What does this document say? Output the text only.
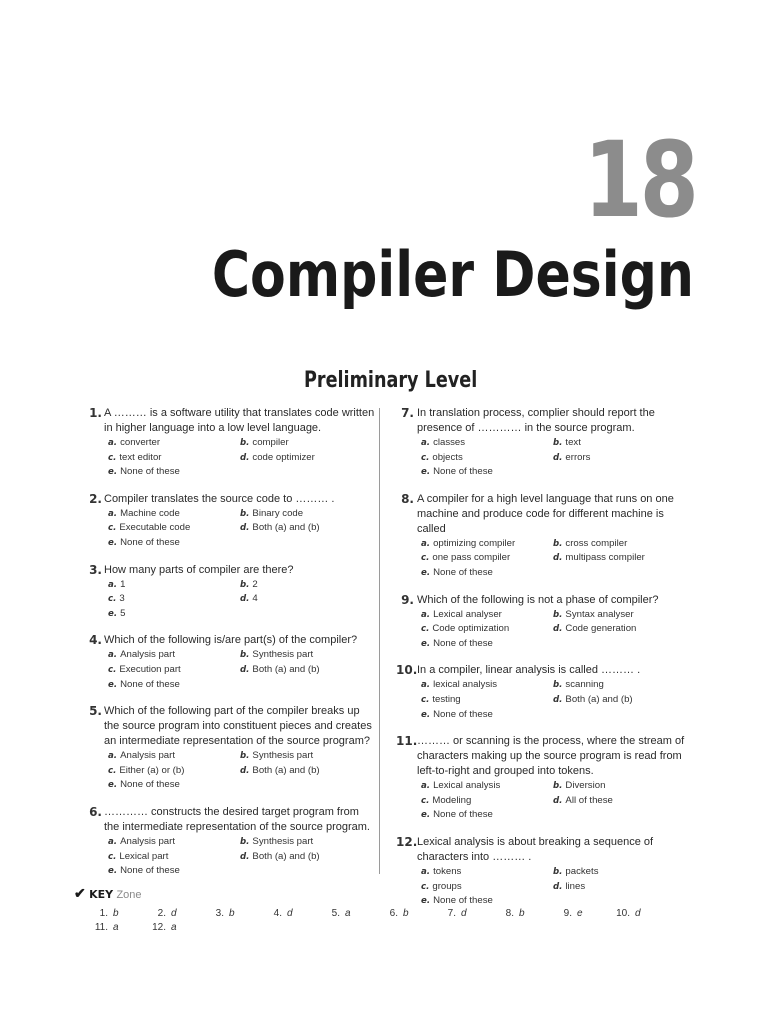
18
Compiler Design
Preliminary Level
1. A ……… is a software utility that translates code written in higher language into a low level language.
a. converter	b. compiler
c. text editor	d. code optimizer
e. None of these
2. Compiler translates the source code to ……… .
a. Machine code	b. Binary code
c. Executable code	d. Both (a) and (b)
e. None of these
3. How many parts of compiler are there?
a. 1	b. 2
c. 3	d. 4
e. 5
4. Which of the following is/are part(s) of the compiler?
a. Analysis part	b. Synthesis part
c. Execution part	d. Both (a) and (b)
e. None of these
5. Which of the following part of the compiler breaks up the source program into constituent pieces and creates an intermediate representation of the source program?
a. Analysis part	b. Synthesis part
c. Either (a) or (b)	d. Both (a) and (b)
e. None of these
6. ………… constructs the desired target program from the intermediate representation of the source program.
a. Analysis part	b. Synthesis part
c. Lexical part	d. Both (a) and (b)
e. None of these
7. In translation process, complier should report the presence of ………… in the source program.
a. classes	b. text
c. objects	d. errors
e. None of these
8. A compiler for a high level language that runs on one machine and produce code for different machine is called
a. optimizing compiler	b. cross compiler
c. one pass compiler	d. multipass compiler
e. None of these
9. Which of the following is not a phase of compiler?
a. Lexical analyser	b. Syntax analyser
c. Code optimization	d. Code generation
e. None of these
10. In a compiler, linear analysis is called ……… .
a. lexical analysis	b. scanning
c. testing	d. Both (a) and (b)
e. None of these
11. ……… or scanning is the process, where the stream of characters making up the source program is read from left-to-right and grouped into tokens.
a. Lexical analysis	b. Diversion
c. Modeling	d. All of these
e. None of these
12. Lexical analysis is about breaking a sequence of characters into ……… .
a. tokens	b. packets
c. groups	d. lines
e. None of these
✔ KEY Zone
1. b	2. d	3. b	4. d	5. a	6. b	7. d	8. b	9. e	10. d
11. a	12. a
